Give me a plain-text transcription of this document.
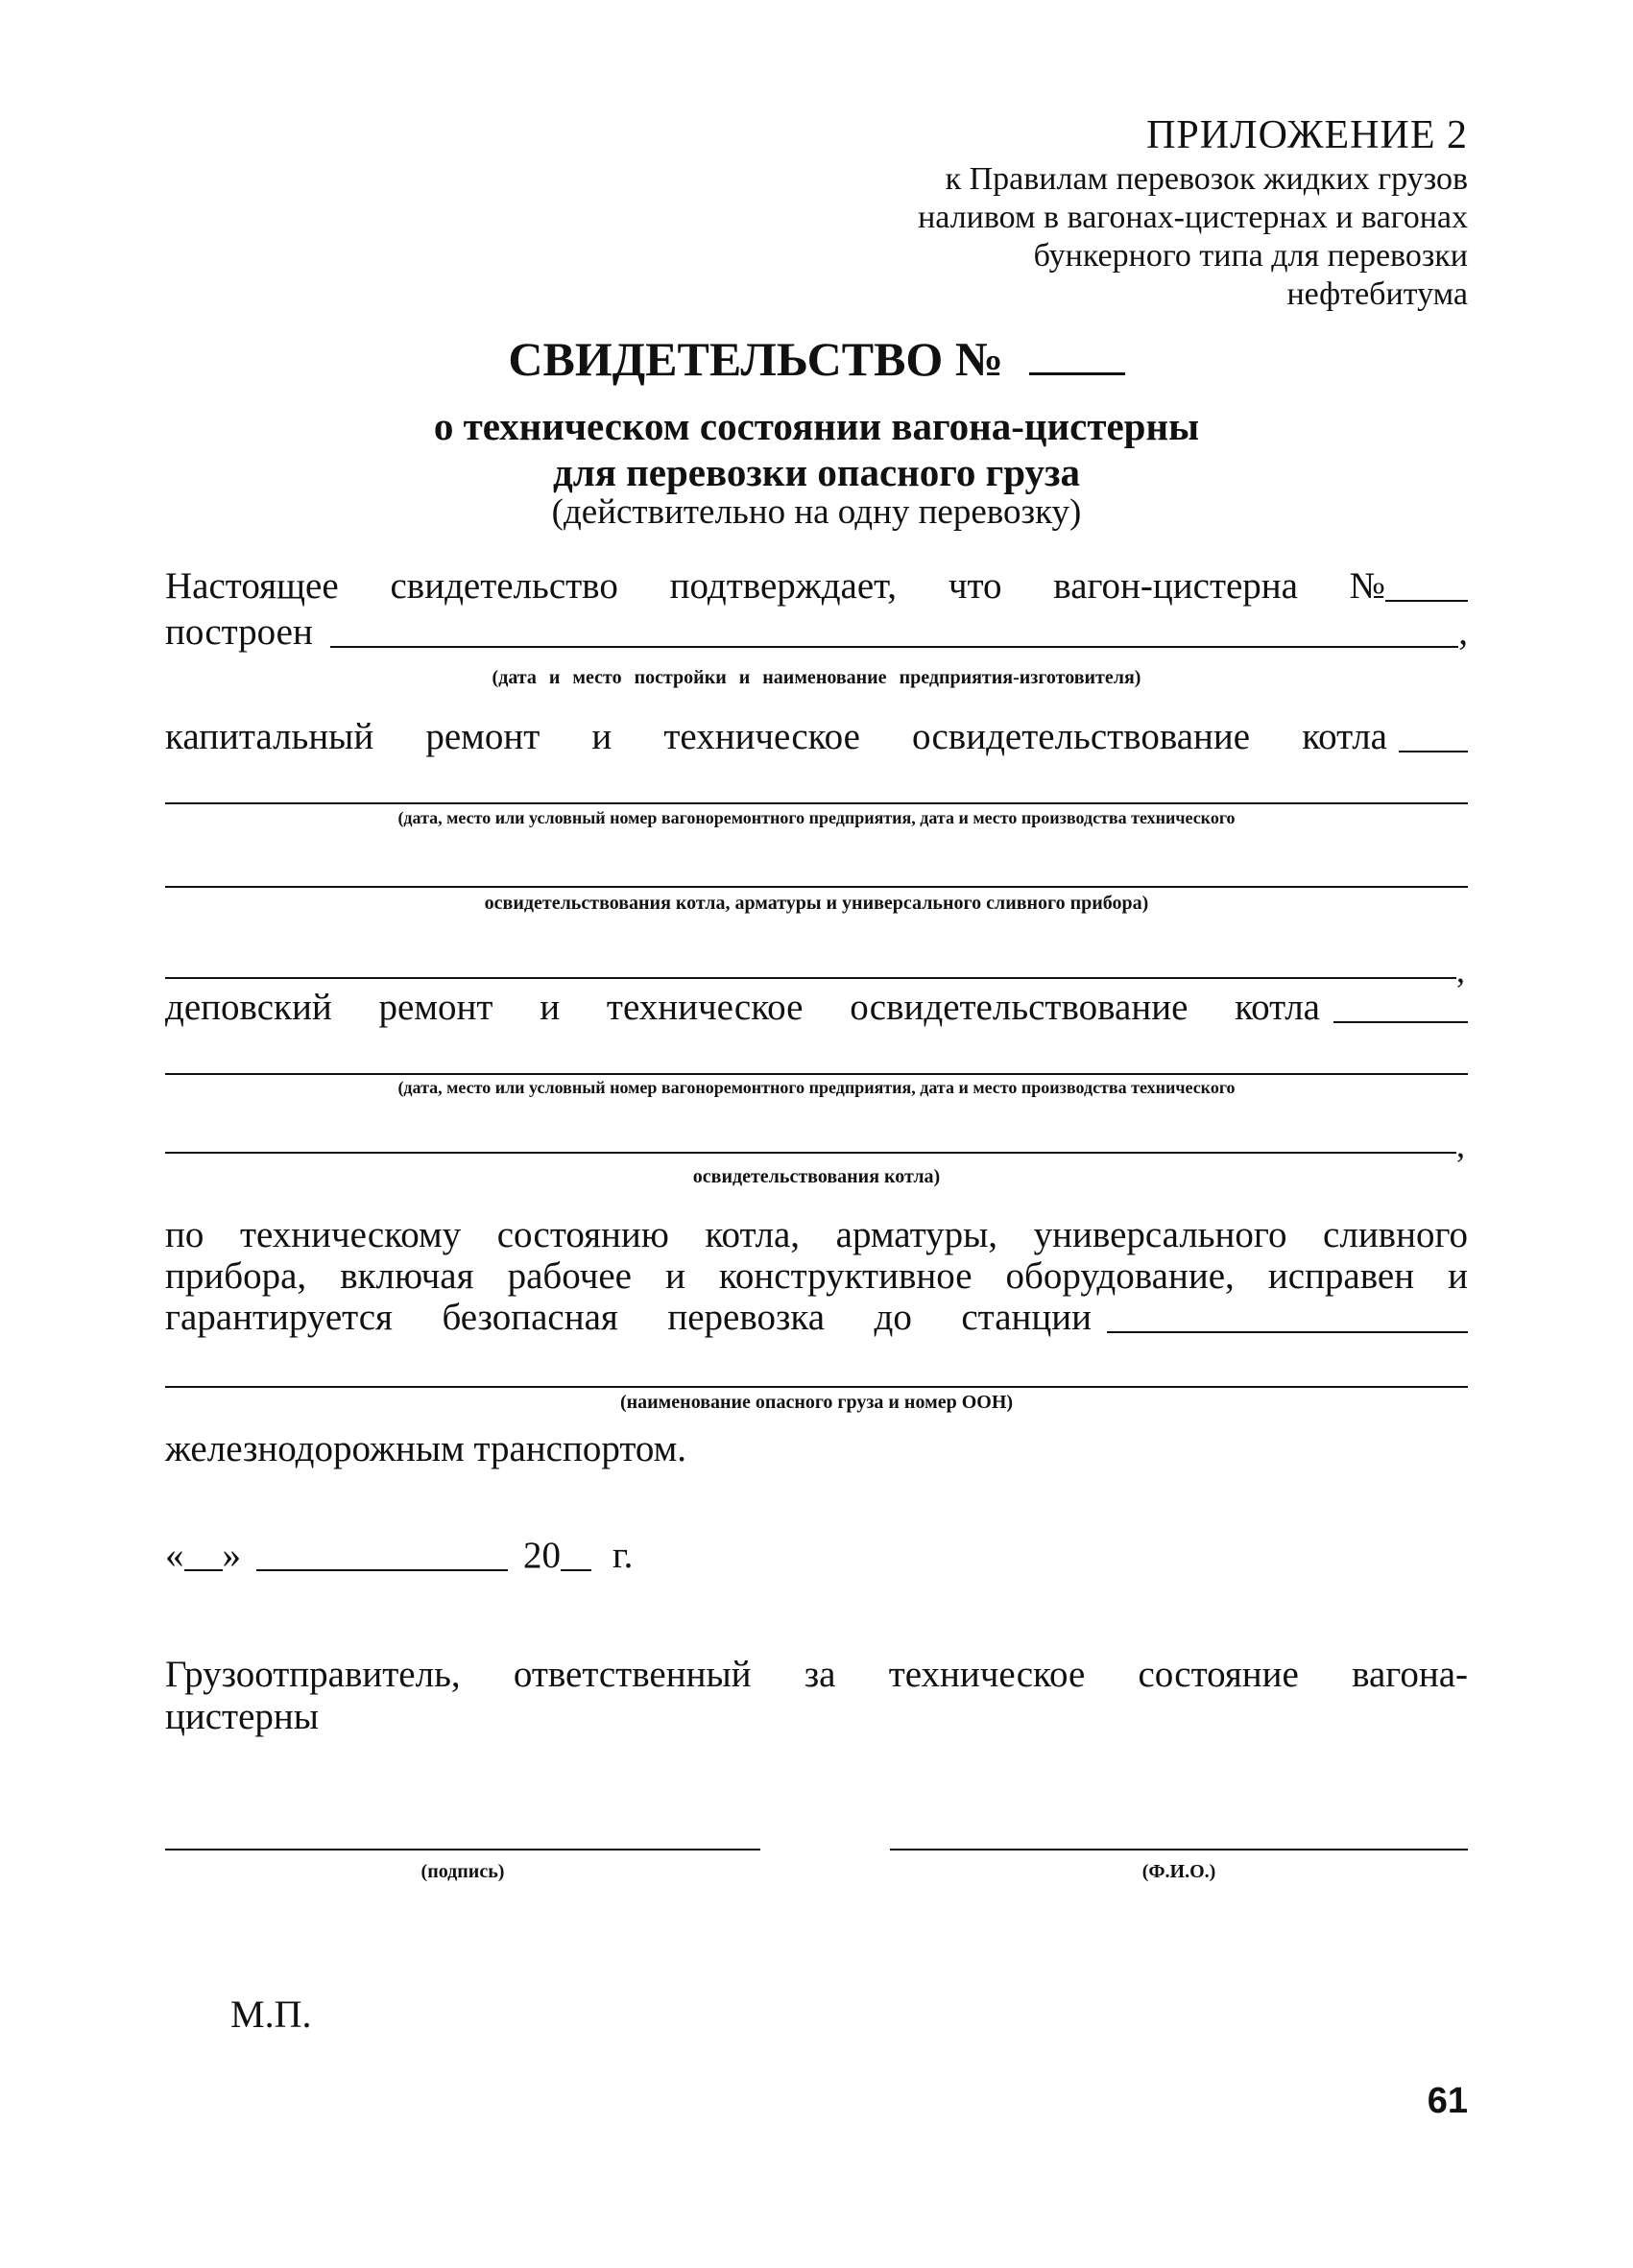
ПРИЛОЖЕНИЕ 2
к Правилам перевозок жидких грузов
наливом в вагонах-цистернах и вагонах
бункерного типа для перевозки
нефтебитума
СВИДЕТЕЛЬСТВО №
о техническом состоянии вагона-цистерны
для перевозки опасного груза
(действительно на одну перевозку)
Настоящее свидетельство подтверждает, что вагон-цистерна №
построен	,
(дата и место постройки и наименование предприятия-изготовителя)
капитальный ремонт и техническое освидетельствование котла
(дата, место или условный номер вагоноремонтного предприятия, дата и место производства технического
освидетельствования котла, арматуры и универсального сливного прибора)
,
деповский ремонт и техническое освидетельствование котла
(дата, место или условный номер вагоноремонтного предприятия, дата и место производства технического
,
освидетельствования котла)
по техническому состоянию котла, арматуры, универсального сливного
прибора, включая рабочее и конструктивное оборудование, исправен и
гарантируется безопасная перевозка до станции
(наименование опасного груза и номер ООН)
железнодорожным транспортом.
« »	20 г.
Грузоотправитель, ответственный за техническое состояние вагона-
цистерны
(подпись)	(Ф.И.О.)
М.П.
61
